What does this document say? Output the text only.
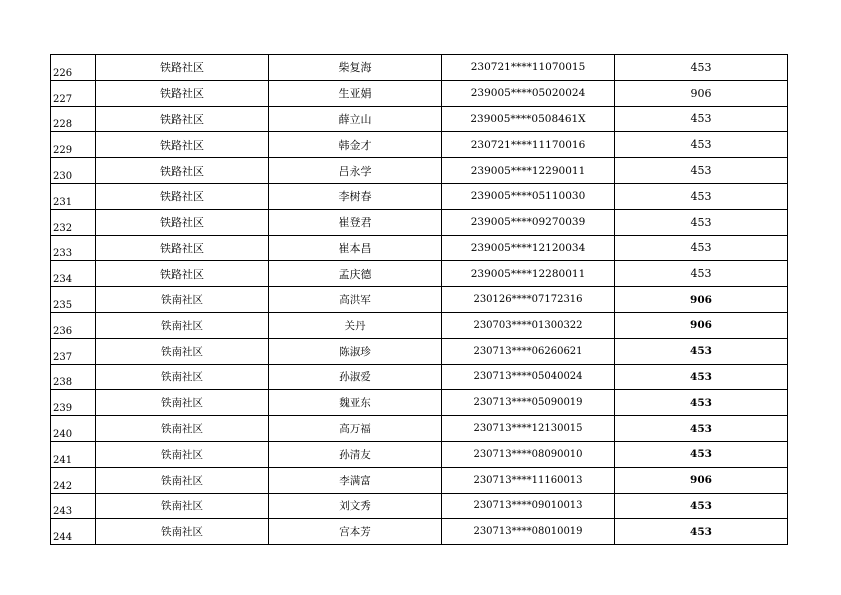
226	铁路社区	柴复海	230721****11070015	453
227	铁路社区	生亚娟	239005****05020024	906
228	铁路社区	薛立山	239005****0508461X	453
229	铁路社区	韩金才	230721****11170016	453
230	铁路社区	吕永学	239005****12290011	453
231	铁路社区	李树春	239005****05110030	453
232	铁路社区	崔登君	239005****09270039	453
233	铁路社区	崔本昌	239005****12120034	453
234	铁路社区	孟庆德	239005****12280011	453
235	铁南社区	高洪军	230126****07172316	906
236	铁南社区	关丹	230703****01300322	906
237	铁南社区	陈淑珍	230713****06260621	453
238	铁南社区	孙淑爱	230713****05040024	453
239	铁南社区	魏亚东	230713****05090019	453
240	铁南社区	高万福	230713****12130015	453
241	铁南社区	孙清友	230713****08090010	453
242	铁南社区	李满富	230713****11160013	906
243	铁南社区	刘文秀	230713****09010013	453
244	铁南社区	宫本芳	230713****08010019	453
